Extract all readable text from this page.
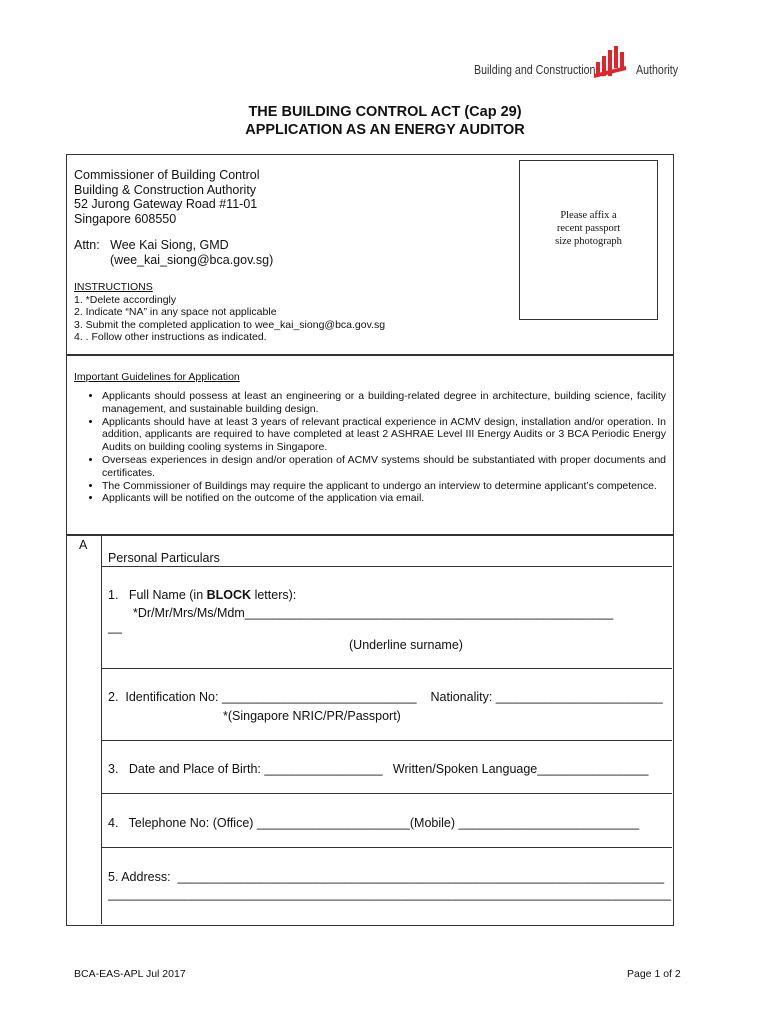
Building and Construction	Authority
THE BUILDING CONTROL ACT (Cap 29)
APPLICATION AS AN ENERGY AUDITOR
Commissioner of Building Control
Building & Construction Authority
52 Jurong Gateway Road #11-01
Singapore 608550
Attn:   Wee Kai Siong, GMD
(wee_kai_siong@bca.gov.sg)
Please affix a
recent passport
size photograph
INSTRUCTIONS
1. *Delete accordingly
2. Indicate “NA” in any space not applicable
3. Submit the completed application to wee_kai_siong@bca.gov.sg
4. . Follow other instructions as indicated.
Important Guidelines for Application
• Applicants should possess at least an engineering or a building-related degree in architecture, building science, facility management, and sustainable building design.
• Applicants should have at least 3 years of relevant practical experience in ACMV design, installation and/or operation. In addition, applicants are required to have completed at least 2 ASHRAE Level III Energy Audits or 3 BCA Periodic Energy Audits on building cooling systems in Singapore.
• Overseas experiences in design and/or operation of ACMV systems should be substantiated with proper documents and certificates.
• The Commissioner of Buildings may require the applicant to undergo an interview to determine applicant’s competence.
• Applicants will be notified on the outcome of the application via email.
A
Personal Particulars
1.   Full Name (in BLOCK letters):
*Dr/Mr/Mrs/Ms/Mdm_____________________________________________________
__
(Underline surname)
2.  Identification No: ____________________________    Nationality: ________________________
*(Singapore NRIC/PR/Passport)
3.   Date and Place of Birth: _________________   Written/Spoken Language________________
4.   Telephone No: (Office) ______________________(Mobile) __________________________
5. Address:  ______________________________________________________________________
_________________________________________________________________________________
BCA-EAS-APL Jul 2017	Page 1 of 2
